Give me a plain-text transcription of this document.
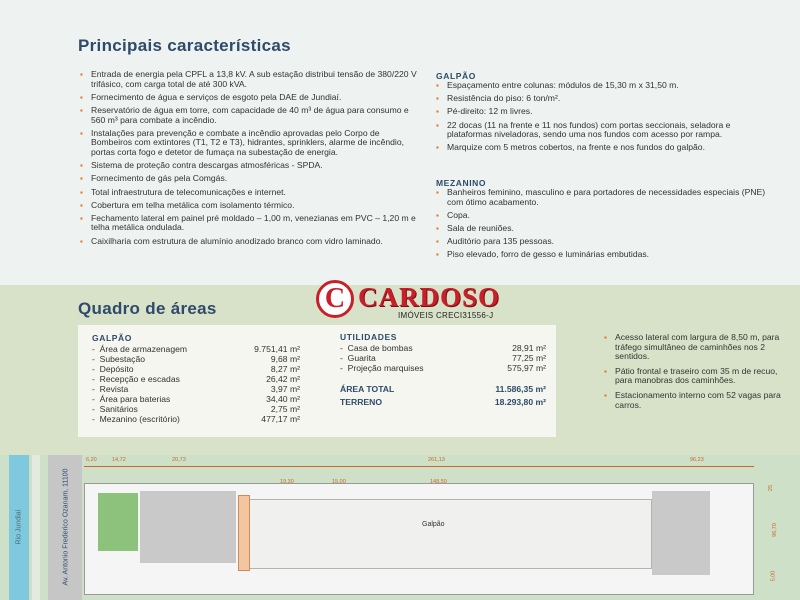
Principais características
▪ Entrada de energia pela CPFL a 13,8 kV. A sub estação distribui tensão de 380/220 V trifásico, com carga total de até 300 kVA.
▪ Fornecimento de água e serviços de esgoto pela DAE de Jundiaí.
▪ Reservatório de água em torre, com capacidade de 40 m³ de água para consumo e 560 m³ para combate a incêndio.
▪ Instalações para prevenção e combate a incêndio aprovadas pelo Corpo de Bombeiros com extintores (T1, T2 e T3), hidrantes, sprinklers, alarme de incêndio, portas corta fogo e detetor de fumaça na subestação de energia.
▪ Sistema de proteção contra descargas atmosféricas - SPDA.
▪ Fornecimento de gás pela Comgás.
▪ Total infraestrutura de telecomunicações e internet.
▪ Cobertura em telha metálica com isolamento térmico.
▪ Fechamento lateral em painel pré moldado – 1,00 m, venezianas em PVC – 1,20 m e telha metálica ondulada.
▪ Caixilharia com estrutura de alumínio anodizado branco com vidro laminado.
GALPÃO
▪ Espaçamento entre colunas: módulos de 15,30 m x 31,50 m.
▪ Resistência do piso: 6 ton/m².
▪ Pé-direito: 12 m livres.
▪ 22 docas (11 na frente e 11 nos fundos) com portas seccionais, seladora e plataformas niveladoras, sendo uma nos fundos com acesso por rampa.
▪ Marquize com 5 metros cobertos, na frente e nos fundos do galpão.
MEZANINO
▪ Banheiros feminino, masculino e para portadores de necessidades especiais (PNE) com ótimo acabamento.
▪ Copa.
▪ Sala de reuniões.
▪ Auditório para 135 pessoas.
▪ Piso elevado, forro de gesso e luminárias embutidas.
Quadro de áreas
GALPÃO
-  Área de armazenagem	9.751,41 m²
-  Subestação	9,68 m²
-  Depósito	8,27 m²
-  Recepção e escadas	26,42 m²
-  Revista	3,97 m²
-  Área para baterias	34,40 m²
-  Sanitários	2,75 m²
-  Mezanino (escritório)	477,17 m²
UTILIDADES
-  Casa de bombas	28,91 m²
-  Guarita	77,25 m²
-  Projeção marquises	575,97 m²
ÁREA TOTAL	11.586,35 m²
TERRENO	18.293,80 m²
▪ Acesso lateral com largura de 8,50 m, para tráfego simultâneo de caminhões nos 2 sentidos.
▪ Pátio frontal e traseiro com 35 m de recuo, para manobras dos caminhões.
▪ Estacionamento interno com 52 vagas para carros.
C CARDOSO
IMÓVEIS CRECI31556-J
Rio Jundiaí	Av. Antonio Frederico Ozanam, 11100
6,20	14,72	20,73	261,13	96,23
Galpão
19,30	15,00	148,50
25
96,70
5,00
